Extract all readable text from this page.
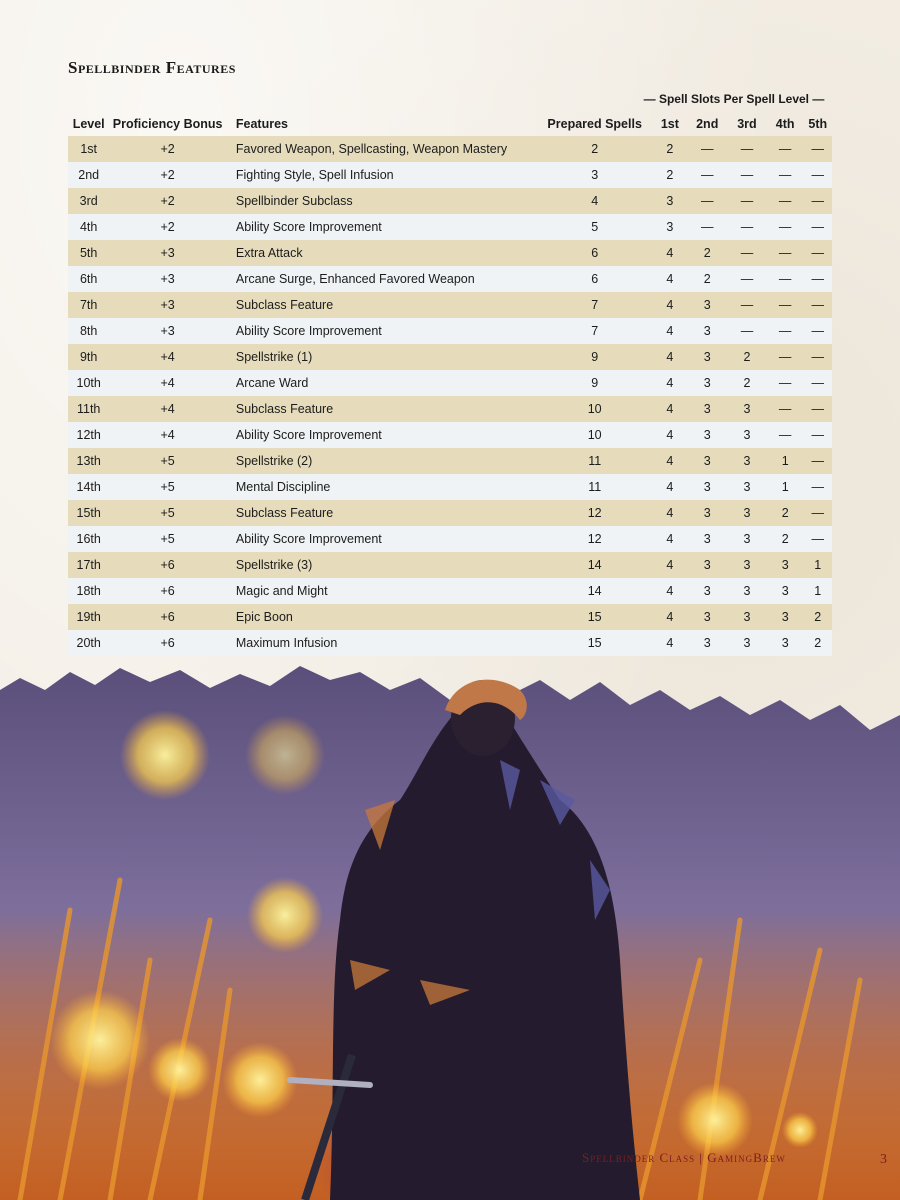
Spellbinder Features
— Spell Slots Per Spell Level —
Level	Proficiency Bonus	Features	Prepared Spells	1st	2nd	3rd	4th	5th
1st	+2	Favored Weapon, Spellcasting, Weapon Mastery	2	2	—	—	—	—
2nd	+2	Fighting Style, Spell Infusion	3	2	—	—	—	—
3rd	+2	Spellbinder Subclass	4	3	—	—	—	—
4th	+2	Ability Score Improvement	5	3	—	—	—	—
5th	+3	Extra Attack	6	4	2	—	—	—
6th	+3	Arcane Surge, Enhanced Favored Weapon	6	4	2	—	—	—
7th	+3	Subclass Feature	7	4	3	—	—	—
8th	+3	Ability Score Improvement	7	4	3	—	—	—
9th	+4	Spellstrike (1)	9	4	3	2	—	—
10th	+4	Arcane Ward	9	4	3	2	—	—
11th	+4	Subclass Feature	10	4	3	3	—	—
12th	+4	Ability Score Improvement	10	4	3	3	—	—
13th	+5	Spellstrike (2)	11	4	3	3	1	—
14th	+5	Mental Discipline	11	4	3	3	1	—
15th	+5	Subclass Feature	12	4	3	3	2	—
16th	+5	Ability Score Improvement	12	4	3	3	2	—
17th	+6	Spellstrike (3)	14	4	3	3	3	1
18th	+6	Magic and Might	14	4	3	3	3	1
19th	+6	Epic Boon	15	4	3	3	3	2
20th	+6	Maximum Infusion	15	4	3	3	3	2
Spellbinder Class | GamingBrew	3
